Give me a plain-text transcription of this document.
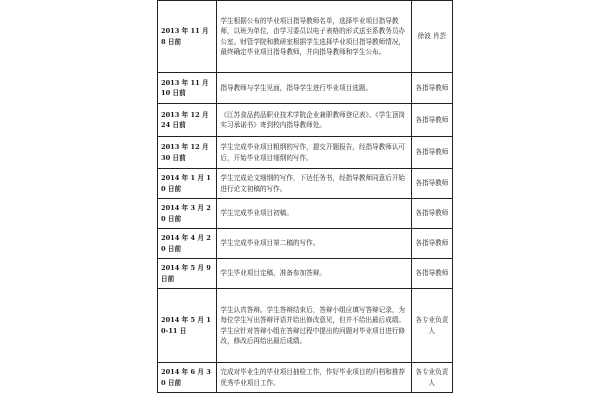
2013 年 11 月 8 日前	学生根据公布的毕业项目指导教师名单，选择毕业项目指导教师，以班为单位，由学习委员以电子表格的形式送至系教务员办公室。财管学院和教研室根据学生选择毕业项目指导教师情况，最终确定毕业项目指导教师，并向指导教师和学生公布。	徐波 肖芸
2013 年 11 月 10 日前	指导教师与学生见面，指导学生进行毕业项目选题。	各指导教师
2013 年 12 月 24 日前	《江苏食品药品职业技术学院企业兼职教师登记表》、《学生顶岗实习承诺书》寄到校内指导教师处。	各指导教师
2013 年 12 月 30 日前	学生完成毕业项目粗纲的写作，提交开题报告，经指导教师认可后，开始毕业项目细纲的写作。	各指导教师
2014 年 1 月 10 日前	学生完成论文细纲的写作，下达任务书，经指导教师同意后开始进行论文初稿的写作。	各指导教师
2014 年 3 月 20 日前	学生完成毕业项目初稿。	各指导教师
2014 年 4 月 20 日前	学生完成毕业项目第二稿的写作。	各指导教师
2014 年 5 月 9 日前	学生毕业项目定稿，准备参加答辩。	各指导教师
2014 年 5 月 10-11 日	学生认真答辩。学生答辩结束后，答辩小组应填写答辩记录，为每位学生写出答辩评语并给出修改意见，但并不给出最后成绩。学生应针对答辩小组在答辩过程中提出的问题对毕业项目进行修改，修改后再给出最后成绩。	各专业负责人
2014 年 6 月 30 日前	完成对毕业生的毕业项目抽检工作，作好毕业项目的归档和推荐优秀毕业项目工作。	各专业负责人
